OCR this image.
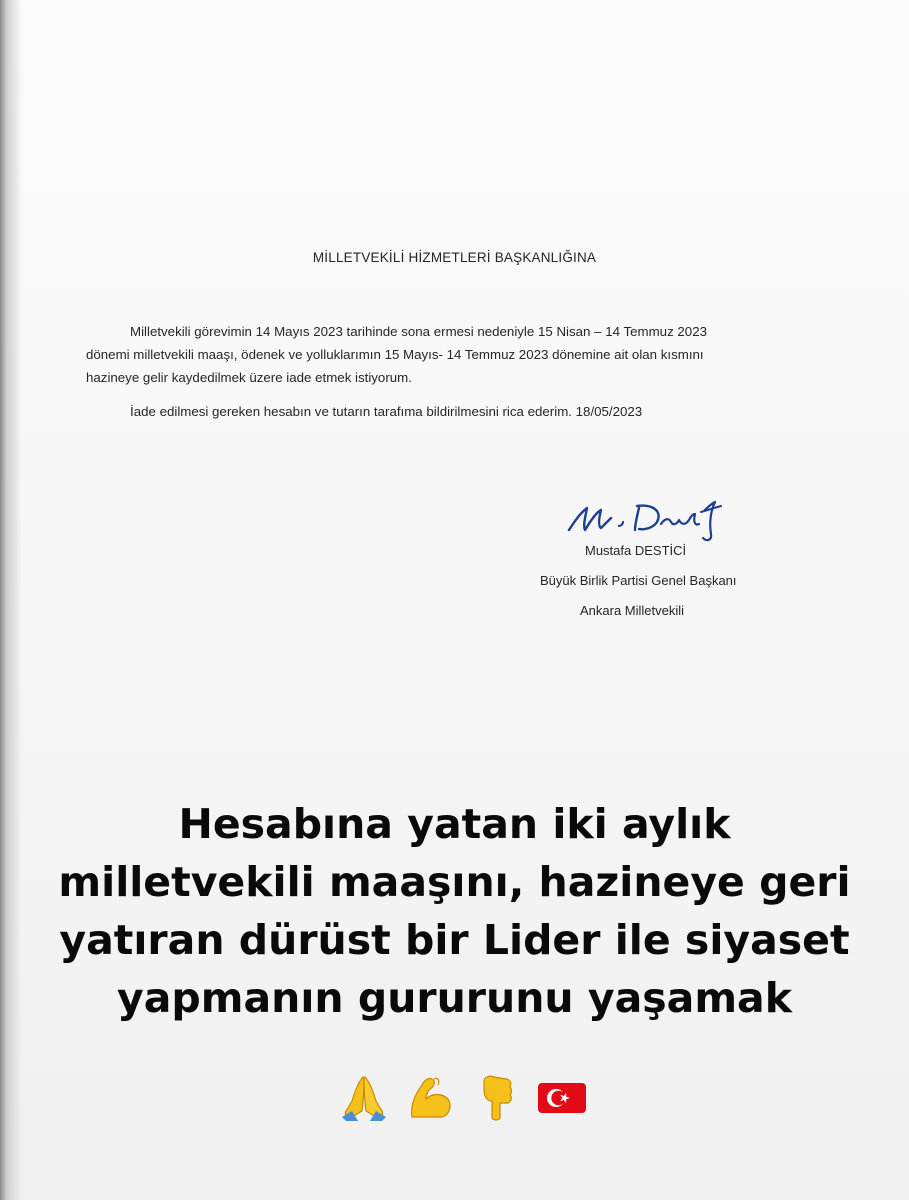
MİLLETVEKİLİ HİZMETLERİ BAŞKANLIĞINA

Milletvekili görevimin 14 Mayıs 2023 tarihinde sona ermesi nedeniyle 15 Nisan – 14 Temmuz 2023
dönemi milletvekili maaşı, ödenek ve yolluklarımın 15 Mayıs- 14 Temmuz 2023 dönemine ait olan kısmını
hazineye gelir kaydedilmek üzere iade etmek istiyorum.

İade edilmesi gereken hesabın ve tutarın tarafıma bildirilmesini rica ederim. 18/05/2023

Mustafa DESTİCİ
Büyük Birlik Partisi Genel Başkanı
Ankara Milletvekili
Hesabına yatan iki aylık
milletvekili maaşını, hazineye geri
yatıran dürüst bir Lider ile siyaset
yapmanın gururunu yaşamak
